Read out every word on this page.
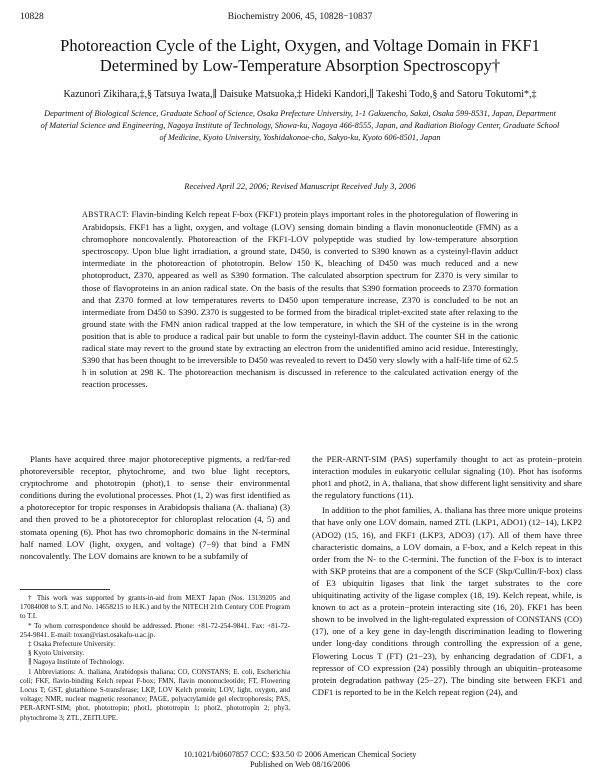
10828	Biochemistry 2006, 45, 10828−10837
Photoreaction Cycle of the Light, Oxygen, and Voltage Domain in FKF1 Determined by Low-Temperature Absorption Spectroscopy†
Kazunori Zikihara,‡,§ Tatsuya Iwata,∥ Daisuke Matsuoka,‡ Hideki Kandori,∥ Takeshi Todo,§ and Satoru Tokutomi*,‡
Department of Biological Science, Graduate School of Science, Osaka Prefecture University, 1-1 Gakuencho, Sakai, Osaka 599-8531, Japan, Department of Material Science and Engineering, Nagoya Institute of Technology, Showa-ku, Nagoya 466-8555, Japan, and Radiation Biology Center, Graduate School of Medicine, Kyoto University, Yoshidakonoe-cho, Sakyo-ku, Kyoto 606-8501, Japan
Received April 22, 2006; Revised Manuscript Received July 3, 2006
ABSTRACT: Flavin-binding Kelch repeat F-box (FKF1) protein plays important roles in the photoregulation of flowering in Arabidopsis. FKF1 has a light, oxygen, and voltage (LOV) sensing domain binding a flavin mononucleotide (FMN) as a chromophore noncovalently. Photoreaction of the FKF1-LOV polypeptide was studied by low-temperature absorption spectroscopy. Upon blue light irradiation, a ground state, D450, is converted to S390 known as a cysteinyl-flavin adduct intermediate in the photoreaction of phototropin. Below 150 K, bleaching of D450 was much reduced and a new photoproduct, Z370, appeared as well as S390 formation. The calculated absorption spectrum for Z370 is very similar to those of flavoproteins in an anion radical state. On the basis of the results that S390 formation proceeds to Z370 formation and that Z370 formed at low temperatures reverts to D450 upon temperature increase, Z370 is concluded to be not an intermediate from D450 to S390. Z370 is suggested to be formed from the biradical triplet-excited state after relaxing to the ground state with the FMN anion radical trapped at the low temperature, in which the SH of the cysteine is in the wrong position that is able to produce a radical pair but unable to form the cysteinyl-flavin adduct. The counter SH in the cationic radical state may revert to the ground state by extracting an electron from the unidentified amino acid residue. Interestingly, S390 that has been thought to be irreversible to D450 was revealed to revert to D450 very slowly with a half-life time of 62.5 h in solution at 298 K. The photoreaction mechanism is discussed in reference to the calculated activation energy of the reaction processes.

Plants have acquired three major photoreceptive pigments, a red/far-red photoreversible receptor, phytochrome, and two blue light receptors, cryptochrome and phototropin (phot),1 to sense their environmental conditions during the evolutional processes. Phot (1, 2) was first identified as a photoreceptor for tropic responses in Arabidopsis thaliana (A. thaliana) (3) and then proved to be a photoreceptor for chloroplast relocation (4, 5) and stomata opening (6). Phot has two chromophoric domains in the N-terminal half named LOV (light, oxygen, and voltage) (7−9) that bind a FMN noncovalently. The LOV domains are known to be a subfamily of

† This work was supported by grants-in-aid from MEXT Japan (Nos. 13139205 and 17084008 to S.T. and No. 14658215 to H.K.) and by the NITECH 21th Century COE Program to T.I.

* To whom correspondence should be addressed. Phone: +81-72-254-9841. Fax: +81-72-254-9841. E-mail: toxan@riast.osakafu-u.ac.jp.

‡ Osaka Prefecture University.

§ Kyoto University.

∥ Nagoya Institute of Technology.

1 Abbreviations: A. thaliana, Arabidopsis thaliana; CO, CONSTANS; E. coli, Escherichia coli; FKF, flavin-binding Kelch repeat F-box; FMN, flavin mononucleotide; FT, Flowering Locus T; GST, glutathione S-transferase; LKP, LOV Kelch protein; LOV, light, oxygen, and voltage; NMR, nuclear magnetic resonance; PAGE, polyacrylamide gel electrophoresis; PAS, PER-ARNT-SIM; phot, phototropin; phot1, phototropin 1; phot2, phototropin 2; phy3, phytochrome 3; ZTL, ZEITLUPE.

the PER-ARNT-SIM (PAS) superfamily thought to act as protein−protein interaction modules in eukaryotic cellular signaling (10). Phot has isoforms phot1 and phot2, in A. thaliana, that show different light sensitivity and share the regulatory functions (11).

In addition to the phot families, A. thaliana has three more unique proteins that have only one LOV domain, named ZTL (LKP1, ADO1) (12−14), LKP2 (ADO2) (15, 16), and FKF1 (LKP3, ADO3) (17). All of them have three characteristic domains, a LOV domain, a F-box, and a Kelch repeat in this order from the N- to the C-termini. The function of the F-box is to interact with SKP proteins that are a component of the SCF (Skp/Cullin/F-box) class of E3 ubiquitin ligases that link the target substrates to the core ubiquitinating activity of the ligase complex (18, 19). Kelch repeat, while, is known to act as a protein−protein interacting site (16, 20). FKF1 has been shown to be involved in the light-regulated expression of CONSTANS (CO) (17), one of a key gene in day-length discrimination leading to flowering under long-day conditions through controlling the expression of a gene, Flowering Locus T (FT) (21−23), by enhancing degradation of CDF1, a repressor of CO expression (24) possibly through an ubiquitin−proteasome protein degradation pathway (25−27). The binding site between FKF1 and CDF1 is reported to be in the Kelch repeat region (24), and

10.1021/bi0607857 CCC: $33.50 © 2006 American Chemical Society
Published on Web 08/16/2006
